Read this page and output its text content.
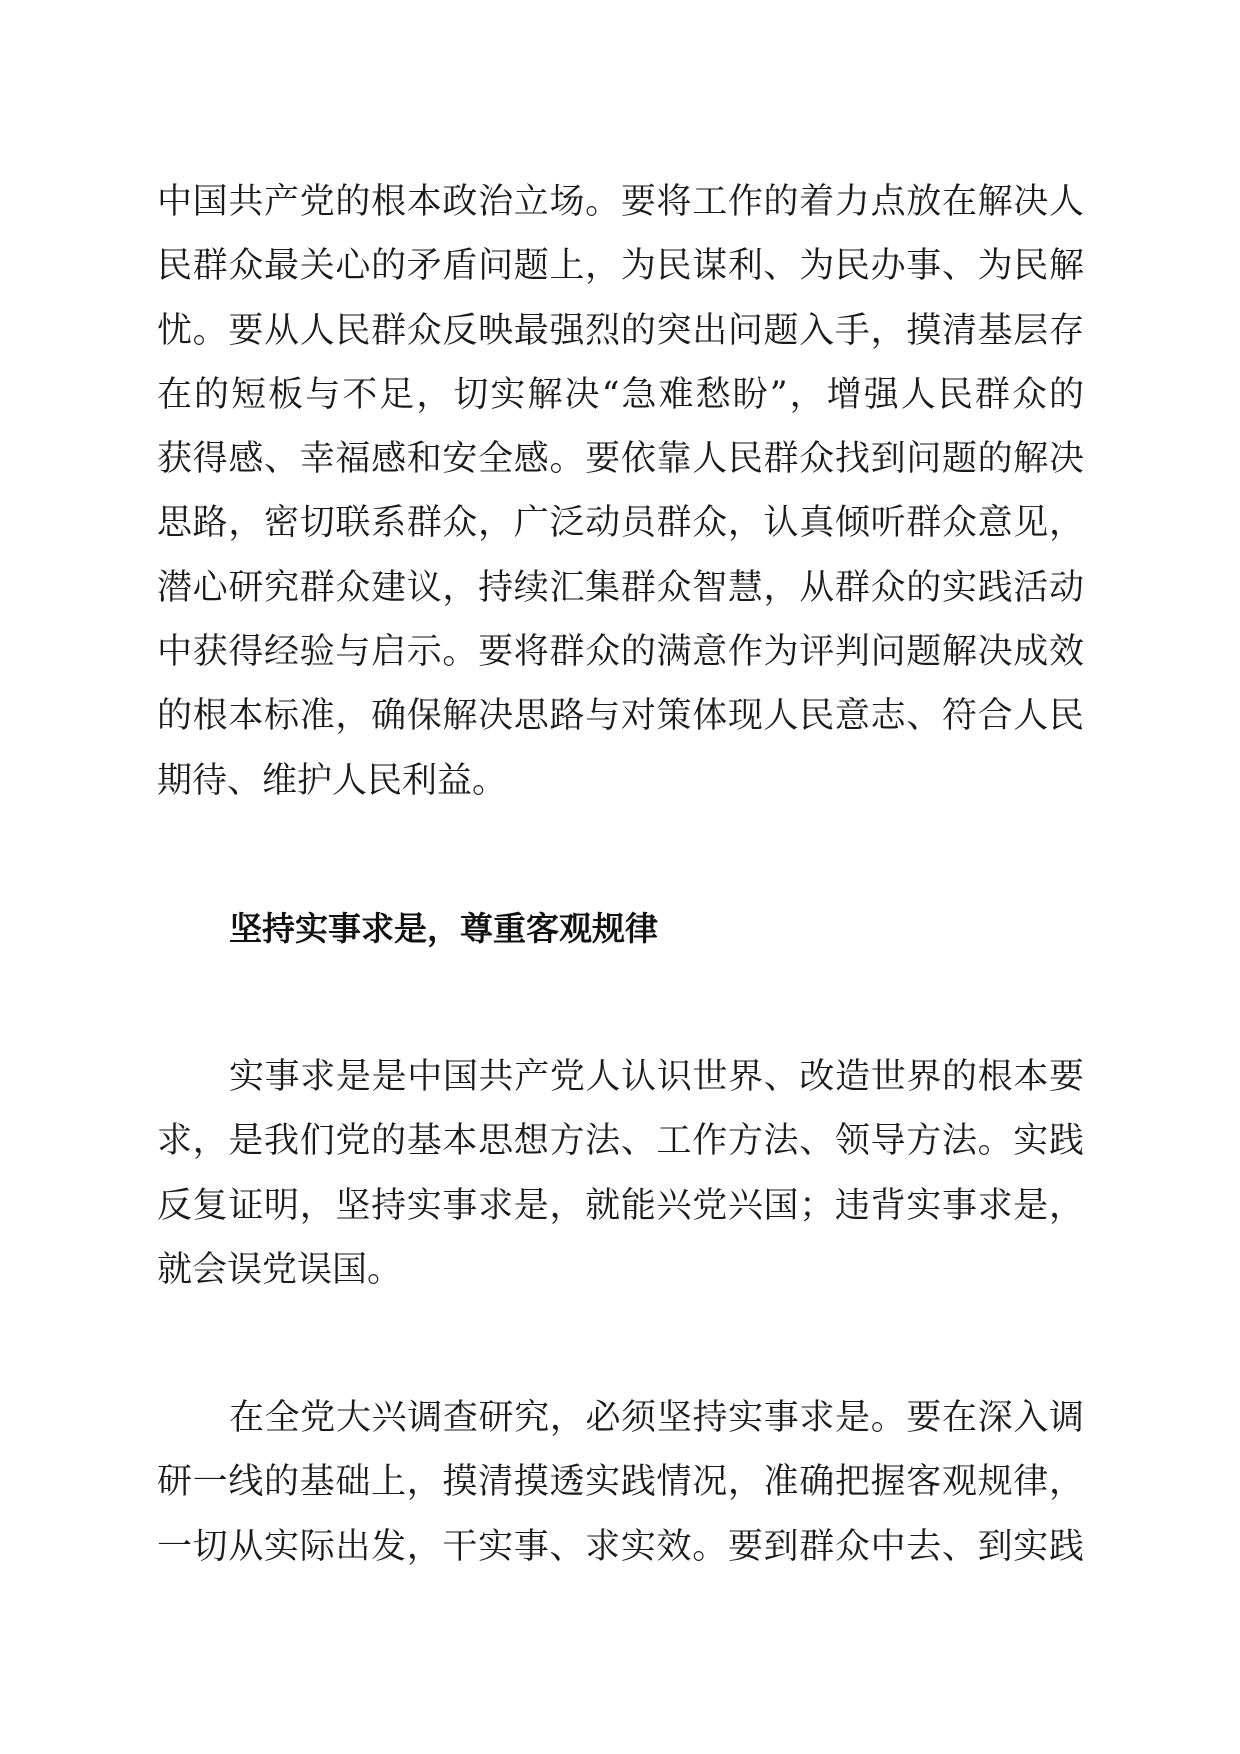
中国共产党的根本政治立场。要将工作的着力点放在解决人
民群众最关心的矛盾问题上，为民谋利、为民办事、为民解
忧。要从人民群众反映最强烈的突出问题入手，摸清基层存
在的短板与不足，切实解决“急难愁盼”，增强人民群众的
获得感、幸福感和安全感。要依靠人民群众找到问题的解决
思路，密切联系群众，广泛动员群众，认真倾听群众意见，
潜心研究群众建议，持续汇集群众智慧，从群众的实践活动
中获得经验与启示。要将群众的满意作为评判问题解决成效
的根本标准，确保解决思路与对策体现人民意志、符合人民
期待、维护人民利益。
坚持实事求是，尊重客观规律
实事求是是中国共产党人认识世界、改造世界的根本要
求，是我们党的基本思想方法、工作方法、领导方法。实践
反复证明，坚持实事求是，就能兴党兴国；违背实事求是，
就会误党误国。
在全党大兴调查研究，必须坚持实事求是。要在深入调
研一线的基础上，摸清摸透实践情况，准确把握客观规律，
一切从实际出发，干实事、求实效。要到群众中去、到实践
